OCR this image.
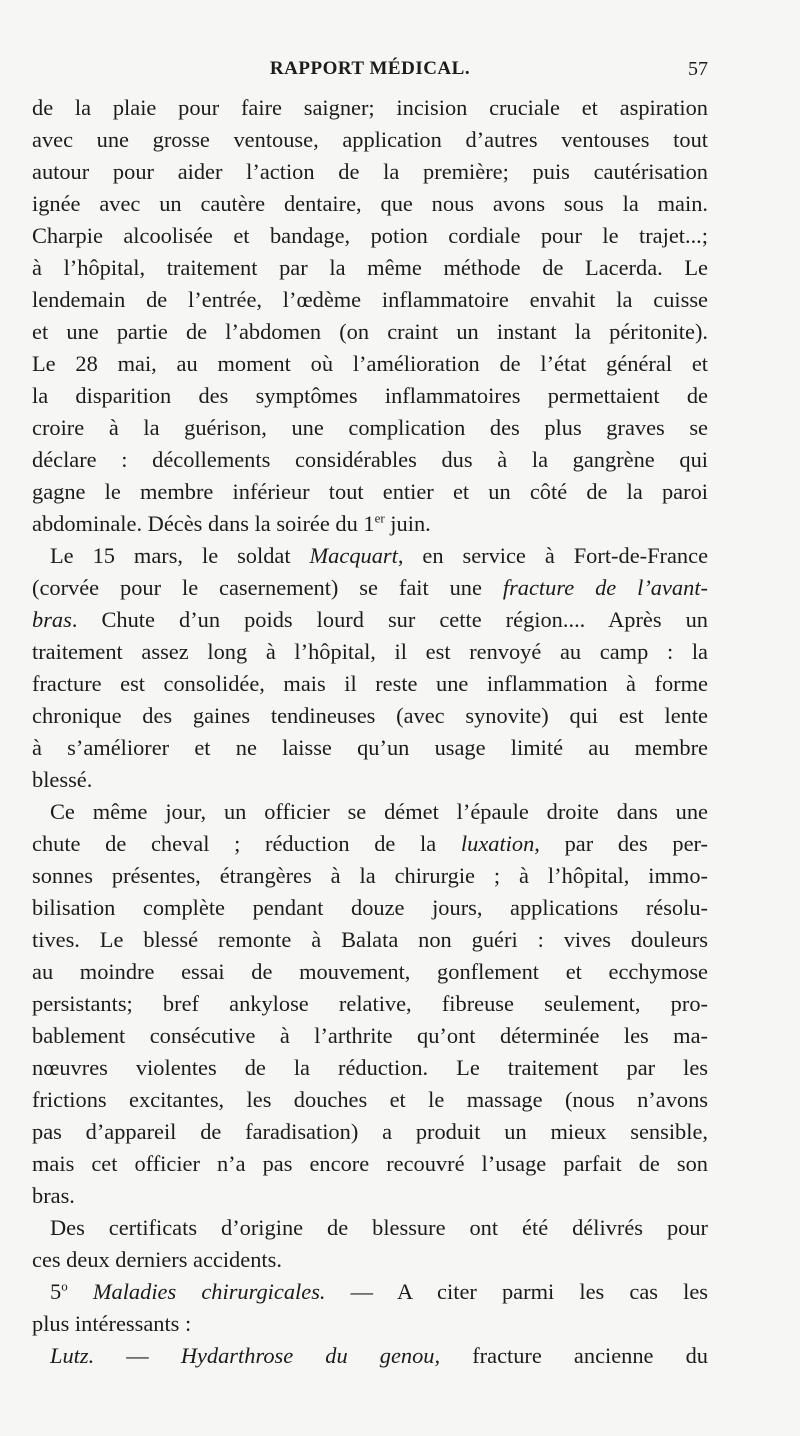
RAPPORT MÉDICAL.	57
de la plaie pour faire saigner; incision cruciale et aspiration
avec une grosse ventouse, application d’autres ventouses tout
autour pour aider l’action de la première; puis cautérisation
ignée avec un cautère dentaire, que nous avons sous la main.
Charpie alcoolisée et bandage, potion cordiale pour le trajet...;
à l’hôpital, traitement par la même méthode de Lacerda. Le
lendemain de l’entrée, l’œdème inflammatoire envahit la cuisse
et une partie de l’abdomen (on craint un instant la péritonite).
Le 28 mai, au moment où l’amélioration de l’état général et
la disparition des symptômes inflammatoires permettaient de
croire à la guérison, une complication des plus graves se
déclare : décollements considérables dus à la gangrène qui
gagne le membre inférieur tout entier et un côté de la paroi
abdominale. Décès dans la soirée du 1er juin.
Le 15 mars, le soldat Macquart, en service à Fort-de-France
(corvée pour le casernement) se fait une fracture de l’avant-
bras. Chute d’un poids lourd sur cette région.... Après un
traitement assez long à l’hôpital, il est renvoyé au camp : la
fracture est consolidée, mais il reste une inflammation à forme
chronique des gaines tendineuses (avec synovite) qui est lente
à s’améliorer et ne laisse qu’un usage limité au membre
blessé.
Ce même jour, un officier se démet l’épaule droite dans une
chute de cheval ; réduction de la luxation, par des per-
sonnes présentes, étrangères à la chirurgie ; à l’hôpital, immo-
bilisation complète pendant douze jours, applications résolu-
tives. Le blessé remonte à Balata non guéri : vives douleurs
au moindre essai de mouvement, gonflement et ecchymose
persistants; bref ankylose relative, fibreuse seulement, pro-
bablement consécutive à l’arthrite qu’ont déterminée les ma-
nœuvres violentes de la réduction. Le traitement par les
frictions excitantes, les douches et le massage (nous n’avons
pas d’appareil de faradisation) a produit un mieux sensible,
mais cet officier n’a pas encore recouvré l’usage parfait de son
bras.
Des certificats d’origine de blessure ont été délivrés pour
ces deux derniers accidents.
5$^o$ Maladies chirurgicales. — A citer parmi les cas les
plus intéressants :
Lutz. — Hydarthrose du genou, fracture ancienne du
